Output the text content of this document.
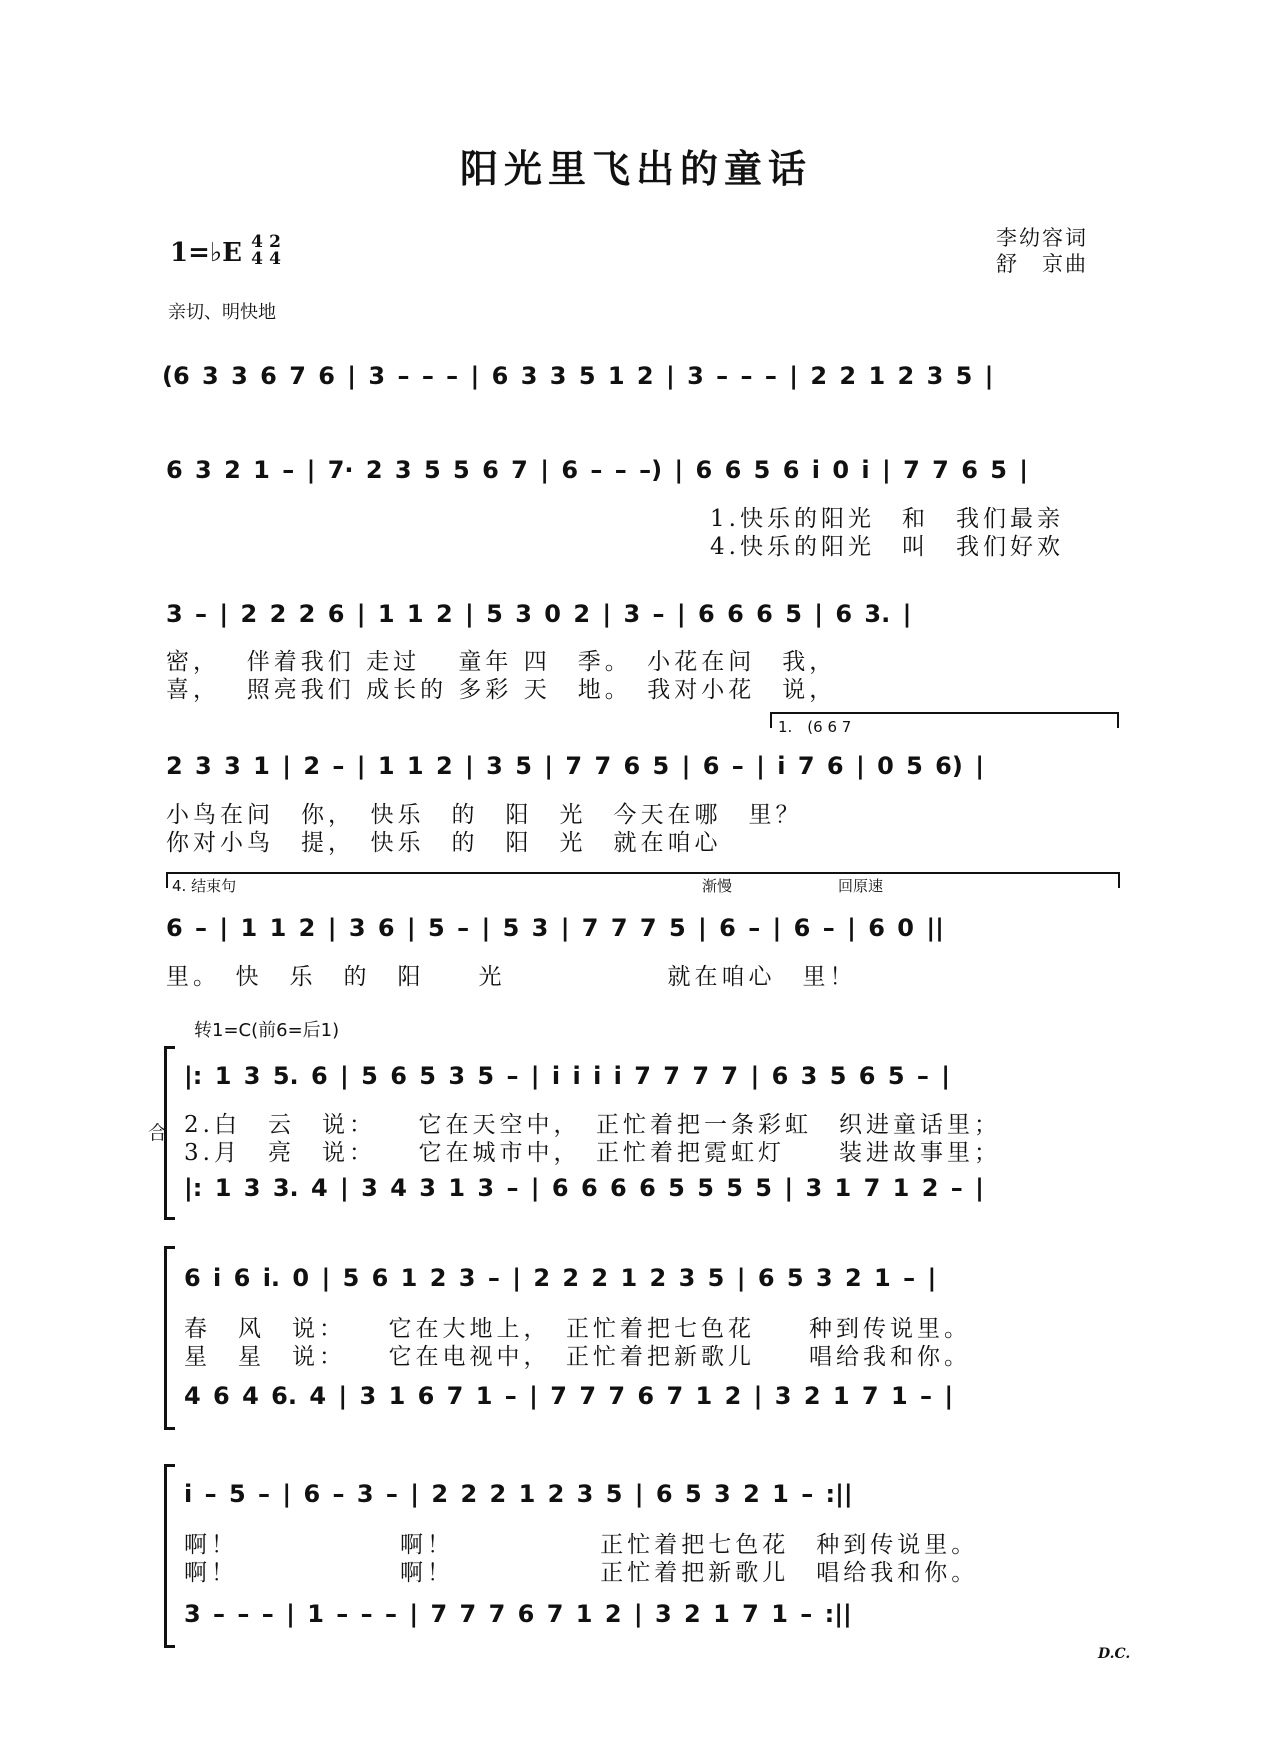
阳光里飞出的童话
1=♭E 4 2
4 4
亲切、明快地
李幼容词
舒　京曲
(6 3 3 6 7 6 | 3 – – – | 6 3 3 5 1 2 | 3 – – – | 2 2 1 2 3 5 |
6 3 2 1 – | 7· 2 3 5 5 6 7 | 6 – – –) | 6 6 5 6 i 0 i | 7 7 6 5 |
1.快乐的阳光　和　我们最亲
4.快乐的阳光　叫　我们好欢
3 – | 2 2 2 6 | 1 1 2 | 5 3 0 2 | 3 – | 6 6 6 5 | 6 3. |
密，　 伴着我们 走过　 童年 四　季。　小花在问　我，
喜，　 照亮我们 成长的 多彩 天　地。　我对小花　说，
1.　(6 6 7
2 3 3 1 | 2 – | 1 1 2 | 3 5 | 7 7 6 5 | 6 – | i 7 6 | 0 5 6) |
小鸟在问　你，　快乐　的　阳　光　今天在哪　里？
你对小鸟　提，　快乐　的　阳　光　就在咱心
4. 结束句	渐慢	回原速
6 – | 1 1 2 | 3 6 | 5 – | 5 3 | 7 7 7 5 | 6 – | 6 – | 6 0 ||
里。　快　乐　的　阳　　光　　　　　　就在咱心　里！
转1=C(前6=后1)
合
|: 1 3 5. 6 | 5 6 5 3 5 – | i i i i 7 7 7 7 | 6 3 5 6 5 – |
2.白　云　说：　　它在天空中，　正忙着把一条彩虹　织进童话里；
3.月　亮　说：　　它在城市中，　正忙着把霓虹灯　　装进故事里；
|: 1 3 3. 4 | 3 4 3 1 3 – | 6 6 6 6 5 5 5 5 | 3 1 7 1 2 – |
6 i 6 i. 0 | 5 6 1 2 3 – | 2 2 2 1 2 3 5 | 6 5 3 2 1 – |
春　风　说：　　它在大地上，　正忙着把七色花　　种到传说里。
星　星　说：　　它在电视中，　正忙着把新歌儿　　唱给我和你。
4 6 4 6. 4 | 3 1 6 7 1 – | 7 7 7 6 7 1 2 | 3 2 1 7 1 – |
i – 5 – | 6 – 3 – | 2 2 2 1 2 3 5 | 6 5 3 2 1 – :||
啊！　　　　　　啊！　　　　　 正忙着把七色花　种到传说里。
啊！　　　　　　啊！　　　　　 正忙着把新歌儿　唱给我和你。
3 – – – | 1 – – – | 7 7 7 6 7 1 2 | 3 2 1 7 1 – :||
D.C.
